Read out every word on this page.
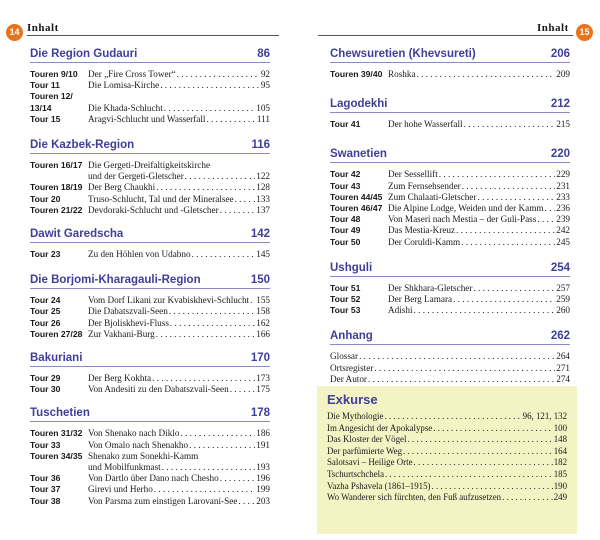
14 Inhalt	Inhalt	15
Die Region Gudauri	86
Touren 9/10	Der „Fire Cross Tower“ . . .	92
Tour 11	Die Lomisa-Kirche . . .	95
Touren 12/
13/14	Die Khada-Schlucht . . .	105
Tour 15	Aragvi-Schlucht und Wasserfall . . .	111
Die Kazbek-Region	116
Touren 16/17 Die Gergeti-Dreifaltigkeitskirche
und der Gergeti-Gletscher . . .	122
Touren 18/19 Der Berg Chaukhi . . .	128
Tour 20	Truso-Schlucht, Tal und der Mineralsee . . . 133
Touren 21/22 Devdoraki-Schlucht und -Gletscher . . .	137
Dawit Garedscha	142
Tour 23	Zu den Höhlen von Udabno . . .	145
Die Borjomi-Kharagauli-Region	150
Tour 24	Vom Dorf Likani zur Kvabiskhevi-Schlucht . . . 155
Tour 25	Die Dabatszvali-Seen . . .	158
Tour 26	Der Bjoliskhevi-Fluss . . .	162
Touren 27/28 Zur Vakhani-Burg . . .	166
Bakuriani	170
Tour 29	Der Berg Kokhta . . .	173
Tour 30	Von Andesiti zu den Dabatszvali-Seen . . .	175
Tuschetien	178
Touren 31/32 Von Shenako nach Diklo . . .	186
Tour 33	Von Omalo nach Shenakho . . .	191
Touren 34/35 Shenako zum Sonekhi-Kamm
und Mobilfunkmast . . .	193
Tour 36	Von Dartlo über Dano nach Chesho . . .	196
Tour 37	Girevi und Herho . . .	199
Tour 38	Von Parsma zum einstigen Larovani-See . . . 203
Chewsuretien (Khevsureti)	206
Touren 39/40 Roshka . . .	209
Lagodekhi	212
Tour 41	Der hohe Wasserfall . . .	215
Swanetien	220
Tour 42	Der Sessellift . . .	229
Tour 43	Zum Fernsehsender . . .	231
Touren 44/45 Zum Chalaati-Gletscher . . .	233
Touren 46/47 Die Alpine Lodge, Weiden und der Kamm . . . 236
Tour 48	Von Maseri nach Mestia – der Guli-Pass . . . 239
Tour 49	Das Mestia-Kreuz . . .	242
Tour 50	Der Coruldi-Kamm . . .	245
Ushguli	254
Tour 51	Der Shkhara-Gletscher . . .	257
Tour 52	Der Berg Lamara . . .	259
Tour 53	Adishi . . .	260
Anhang	262
Glossar . . .	264
Ortsregister . . .	271
Der Autor . . .	274
. . .
Exkurse
Die Mythologie . . .	96, 121, 132
Im Angesicht der Apokalypse . . .	100
Das Kloster der Vögel . . .	148
Der parfümierte Weg . . .	164
Salotsavi – Heilige Orte . . .	182
Tschurtschchela . . .	185
Vazha Pshavela (1861–1915) . . .	190
Wo Wanderer sich fürchten, den Fuß aufzusetzen . . .	249
